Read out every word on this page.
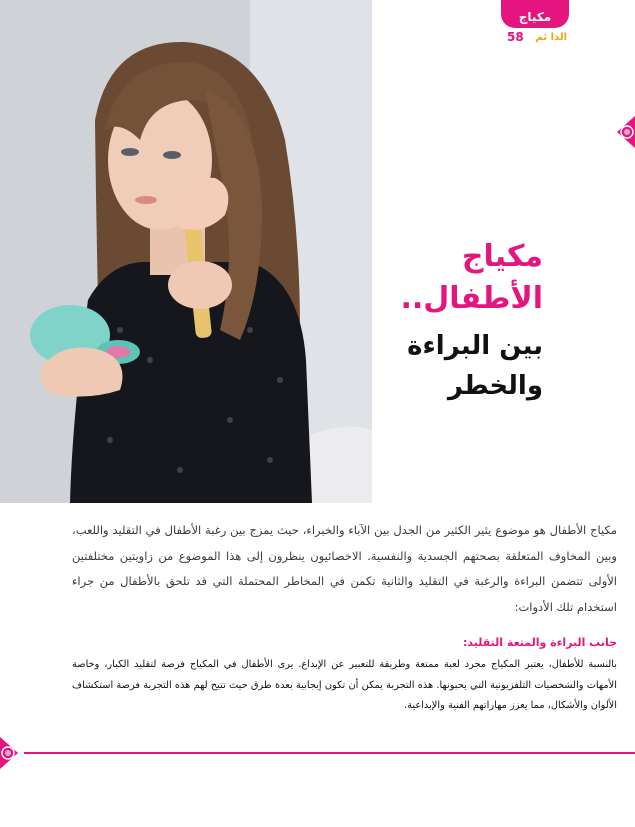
مكياج
58 الدا ئم

مكياج

الأطفال..

بين البراءة

والخطر

مكياج الأطفال هو موضوع يثير الكثير من الجدل بين الآباء والخبراء، حيث يمزج بين رغبة الأطفال في التقليد واللعب، وبين المخاوف المتعلقة بصحتهم الجسدية والنفسية. الاخصائيون ينظرون إلى هذا الموضوع من زاويتين مختلفتين الأولى تتضمن البراءة والرغبة في التقليد والثانية تكمن في المخاطر المحتملة التي قد تلحق بالأطفال من جراء استخدام تلك الأدوات:
جانب البراءة والمتعة التقليد:
بالنسبة للأطفال، يعتبر المكياج مجرد لعبة ممتعة وطريقة للتعبير عن الإبداع. يرى الأطفال في المكياج فرصة لتقليد الكبار، وخاصة الأمهات والشخصيات التلفزيونية التي يحبونها. هذه التجربة يمكن أن تكون إيجابية بعدة طرق حيث تتيح لهم هذه التجربة فرصة استكشاف الألوان والأشكال، مما يعزز مهاراتهم الفنية والإبداعية.
